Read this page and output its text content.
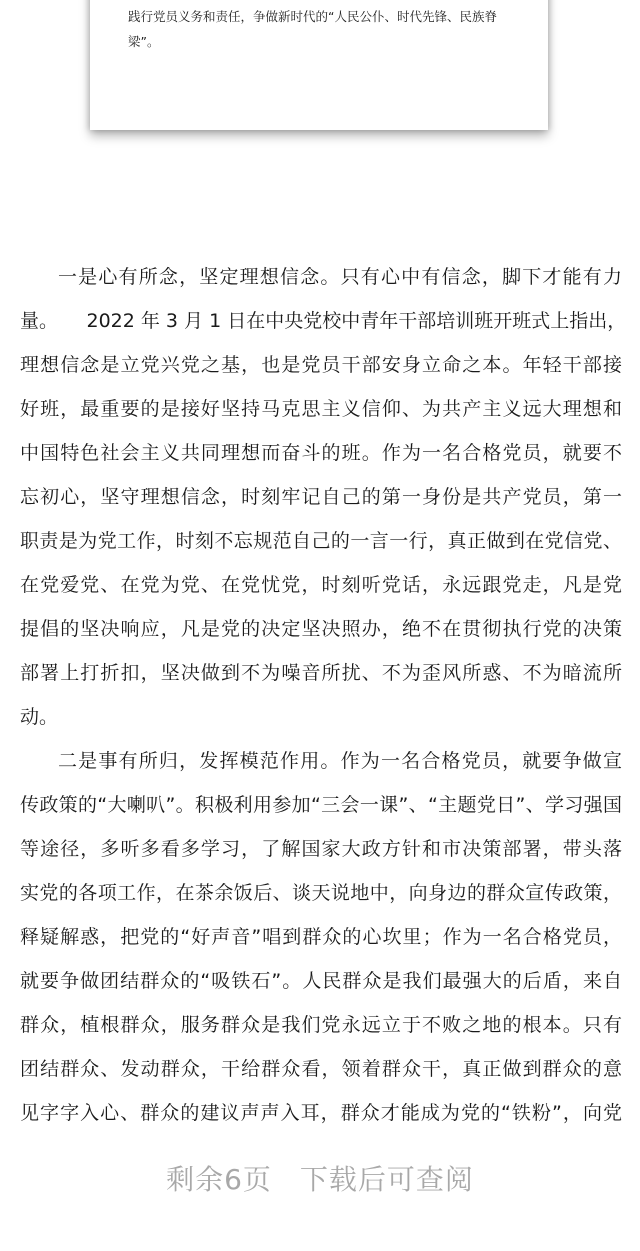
践行党员义务和责任，争做新时代的“人民公仆、时代先锋、民族脊

梁”。

一是心有所念，坚定理想信念。只有心中有信念，脚下才能有力
量。　　2022 年 3 月 1 日在中央党校中青年干部培训班开班式上指出，
理想信念是立党兴党之基，也是党员干部安身立命之本。年轻干部接
好班，最重要的是接好坚持马克思主义信仰、为共产主义远大理想和
中国特色社会主义共同理想而奋斗的班。作为一名合格党员，就要不
忘初心，坚守理想信念，时刻牢记自己的第一身份是共产党员，第一
职责是为党工作，时刻不忘规范自己的一言一行，真正做到在党信党、
在党爱党、在党为党、在党忧党，时刻听党话，永远跟党走，凡是党
提倡的坚决响应，凡是党的决定坚决照办，绝不在贯彻执行党的决策
部署上打折扣，坚决做到不为噪音所扰、不为歪风所惑、不为暗流所
动。

二是事有所归，发挥模范作用。作为一名合格党员，就要争做宣
传政策的“大喇叭”。积极利用参加“三会一课”、“主题党日”、学习强国
等途径，多听多看多学习，了解国家大政方针和市决策部署，带头落
实党的各项工作，在茶余饭后、谈天说地中，向身边的群众宣传政策，
释疑解惑，把党的“好声音”唱到群众的心坎里；作为一名合格党员，
就要争做团结群众的“吸铁石”。人民群众是我们最强大的后盾，来自
群众，植根群众，服务群众是我们党永远立于不败之地的根本。只有
团结群众、发动群众，干给群众看，领着群众干，真正做到群众的意
见字字入心、群众的建议声声入耳，群众才能成为党的“铁粉”，向党

剩余6页 下载后可查阅
